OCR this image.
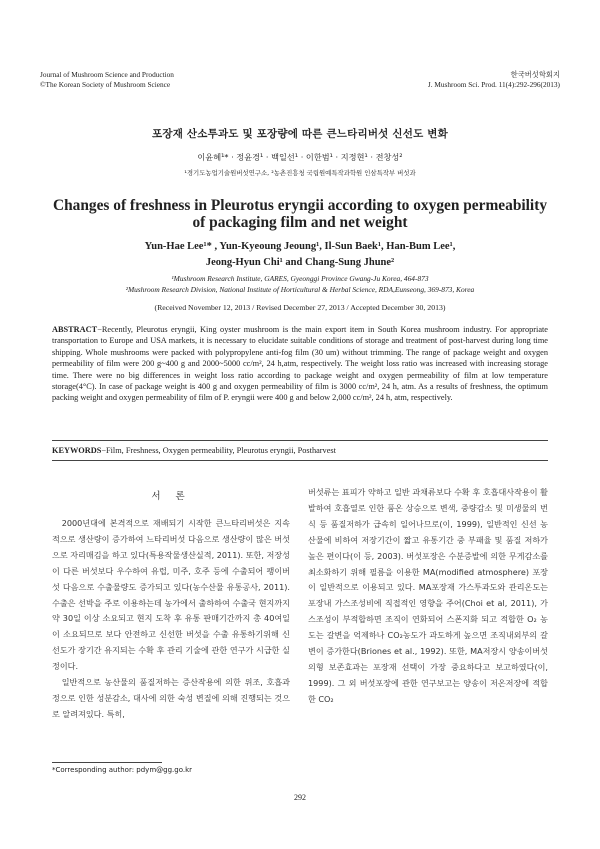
Journal of Mushroom Science and Production
©The Korean Society of Mushroom Science
한국버섯학회지
J. Mushroom Sci. Prod. 11(4):292-296(2013)
포장재 산소투과도 및 포장량에 따른 큰느타리버섯 신선도 변화
이윤혜¹* · 정윤경¹ · 백일선¹ · 이한범¹ · 지정현¹ · 전창성²
¹경기도농업기술원버섯연구소, ²농촌진흥청 국립원예특작과학원 인삼특작부 버섯과
Changes of freshness in Pleurotus eryngii according to oxygen permeability
of packaging film and net weight
Yun-Hae Lee¹* , Yun-Kyeoung Jeoung¹, Il-Sun Baek¹, Han-Bum Lee¹,
Jeong-Hyun Chi¹ and Chang-Sung Jhune²
¹Mushroom Research Institute, GARES, Gyeonggi Province Gwang-Ju Korea, 464-873
²Mushroom Research Division, National Institute of Horticultural & Herbal Science, RDA,Eunseong, 369-873, Korea
(Received November 12, 2013 / Revised December 27, 2013 / Accepted December 30, 2013)
ABSTRACT−Recently, Pleurotus eryngii, King oyster mushroom is the main export item in South Korea mushroom industry. For appropriate transportation to Europe and USA markets, it is necessary to elucidate suitable conditions of storage and treatment of post-harvest during long time shipping. Whole mushrooms were packed with polypropylene anti-fog film (30 um) without trimming. The range of package weight and oxygen permeability of film were 200 g~400 g and 2000~5000 cc/m², 24 h,atm, respectively. The weight loss ratio was increased with increasing storage time. There were no big differences in weight loss ratio according to package weight and oxygen permeability of film at low temperature storage(4°C). In case of package weight is 400 g and oxygen permeability of film is 3000 cc/m², 24 h, atm. As a results of freshness, the optimum packing weight and oxygen permeability of film of P. eryngii were 400 g and below 2,000 cc/m², 24 h, atm, respectively.
KEYWORDS−Film, Freshness, Oxygen permeability, Pleurotus eryngii, Postharvest
서 론

2000년대에 본격적으로 재배되기 시작한 큰느타리버섯은 지속적으로 생산량이 증가하여 느타리버섯 다음으로 생산량이 많은 버섯으로 자리매김을 하고 있다(특용작물생산실적, 2011). 또한, 저장성이 다른 버섯보다 우수하여 유럽, 미주, 호주 등에 수출되어 팽이버섯 다음으로 수출물량도 증가되고 있다(농수산물 유통공사, 2011). 수출은 선박을 주로 이용하는데 농가에서 출하하여 수출국 현지까지 약 30일 이상 소요되고 현지 도착 후 유통 판매기간까지 총 40여일이 소요되므로 보다 안전하고 신선한 버섯을 수출 유통하기위해 신선도가 장기간 유지되는 수확 후 관리 기술에 관한 연구가 시급한 실정이다.

일반적으로 농산물의 품질저하는 증산작용에 의한 위조, 호흡과정으로 인한 성분감소, 대사에 의한 숙성 변질에 의해 진행되는 것으로 알려져있다. 특히,

버섯류는 표피가 약하고 일반 과채류보다 수확 후 호흡대사작용이 활발하여 호흡열로 인한 품온 상승으로 변색, 중량감소 및 미생물의 번식 등 품질저하가 급속히 일어나므로(이, 1999), 일반적인 신선 농산물에 비하여 저장기간이 짧고 유통기간 중 부패율 및 품질 저하가 높은 편이다(이 등, 2003). 버섯포장은 수분증발에 의한 무게감소를 최소화하기 위해 필름을 이용한 MA(modified atmosphere) 포장이 일반적으로 이용되고 있다. MA포장재 가스투과도와 관리온도는 포장내 가스조성비에 직접적인 영향을 주어(Choi et al, 2011), 가스조성이 부적합하면 조직이 연화되어 스폰지화 되고 적합한 O₂ 농도는 갈변을 억제하나 CO₂농도가 과도하게 높으면 조직내외부의 갈변이 증가한다(Briones et al., 1992). 또한, MA저장시 양송이버섯의형 보존효과는 포장재 선택이 가장 중요하다고 보고하였다(이, 1999). 그 외 버섯포장에 관한 연구보고는 양송이 저온저장에 적합한 CO₂
*Corresponding author: pdym@gg.go.kr
292
